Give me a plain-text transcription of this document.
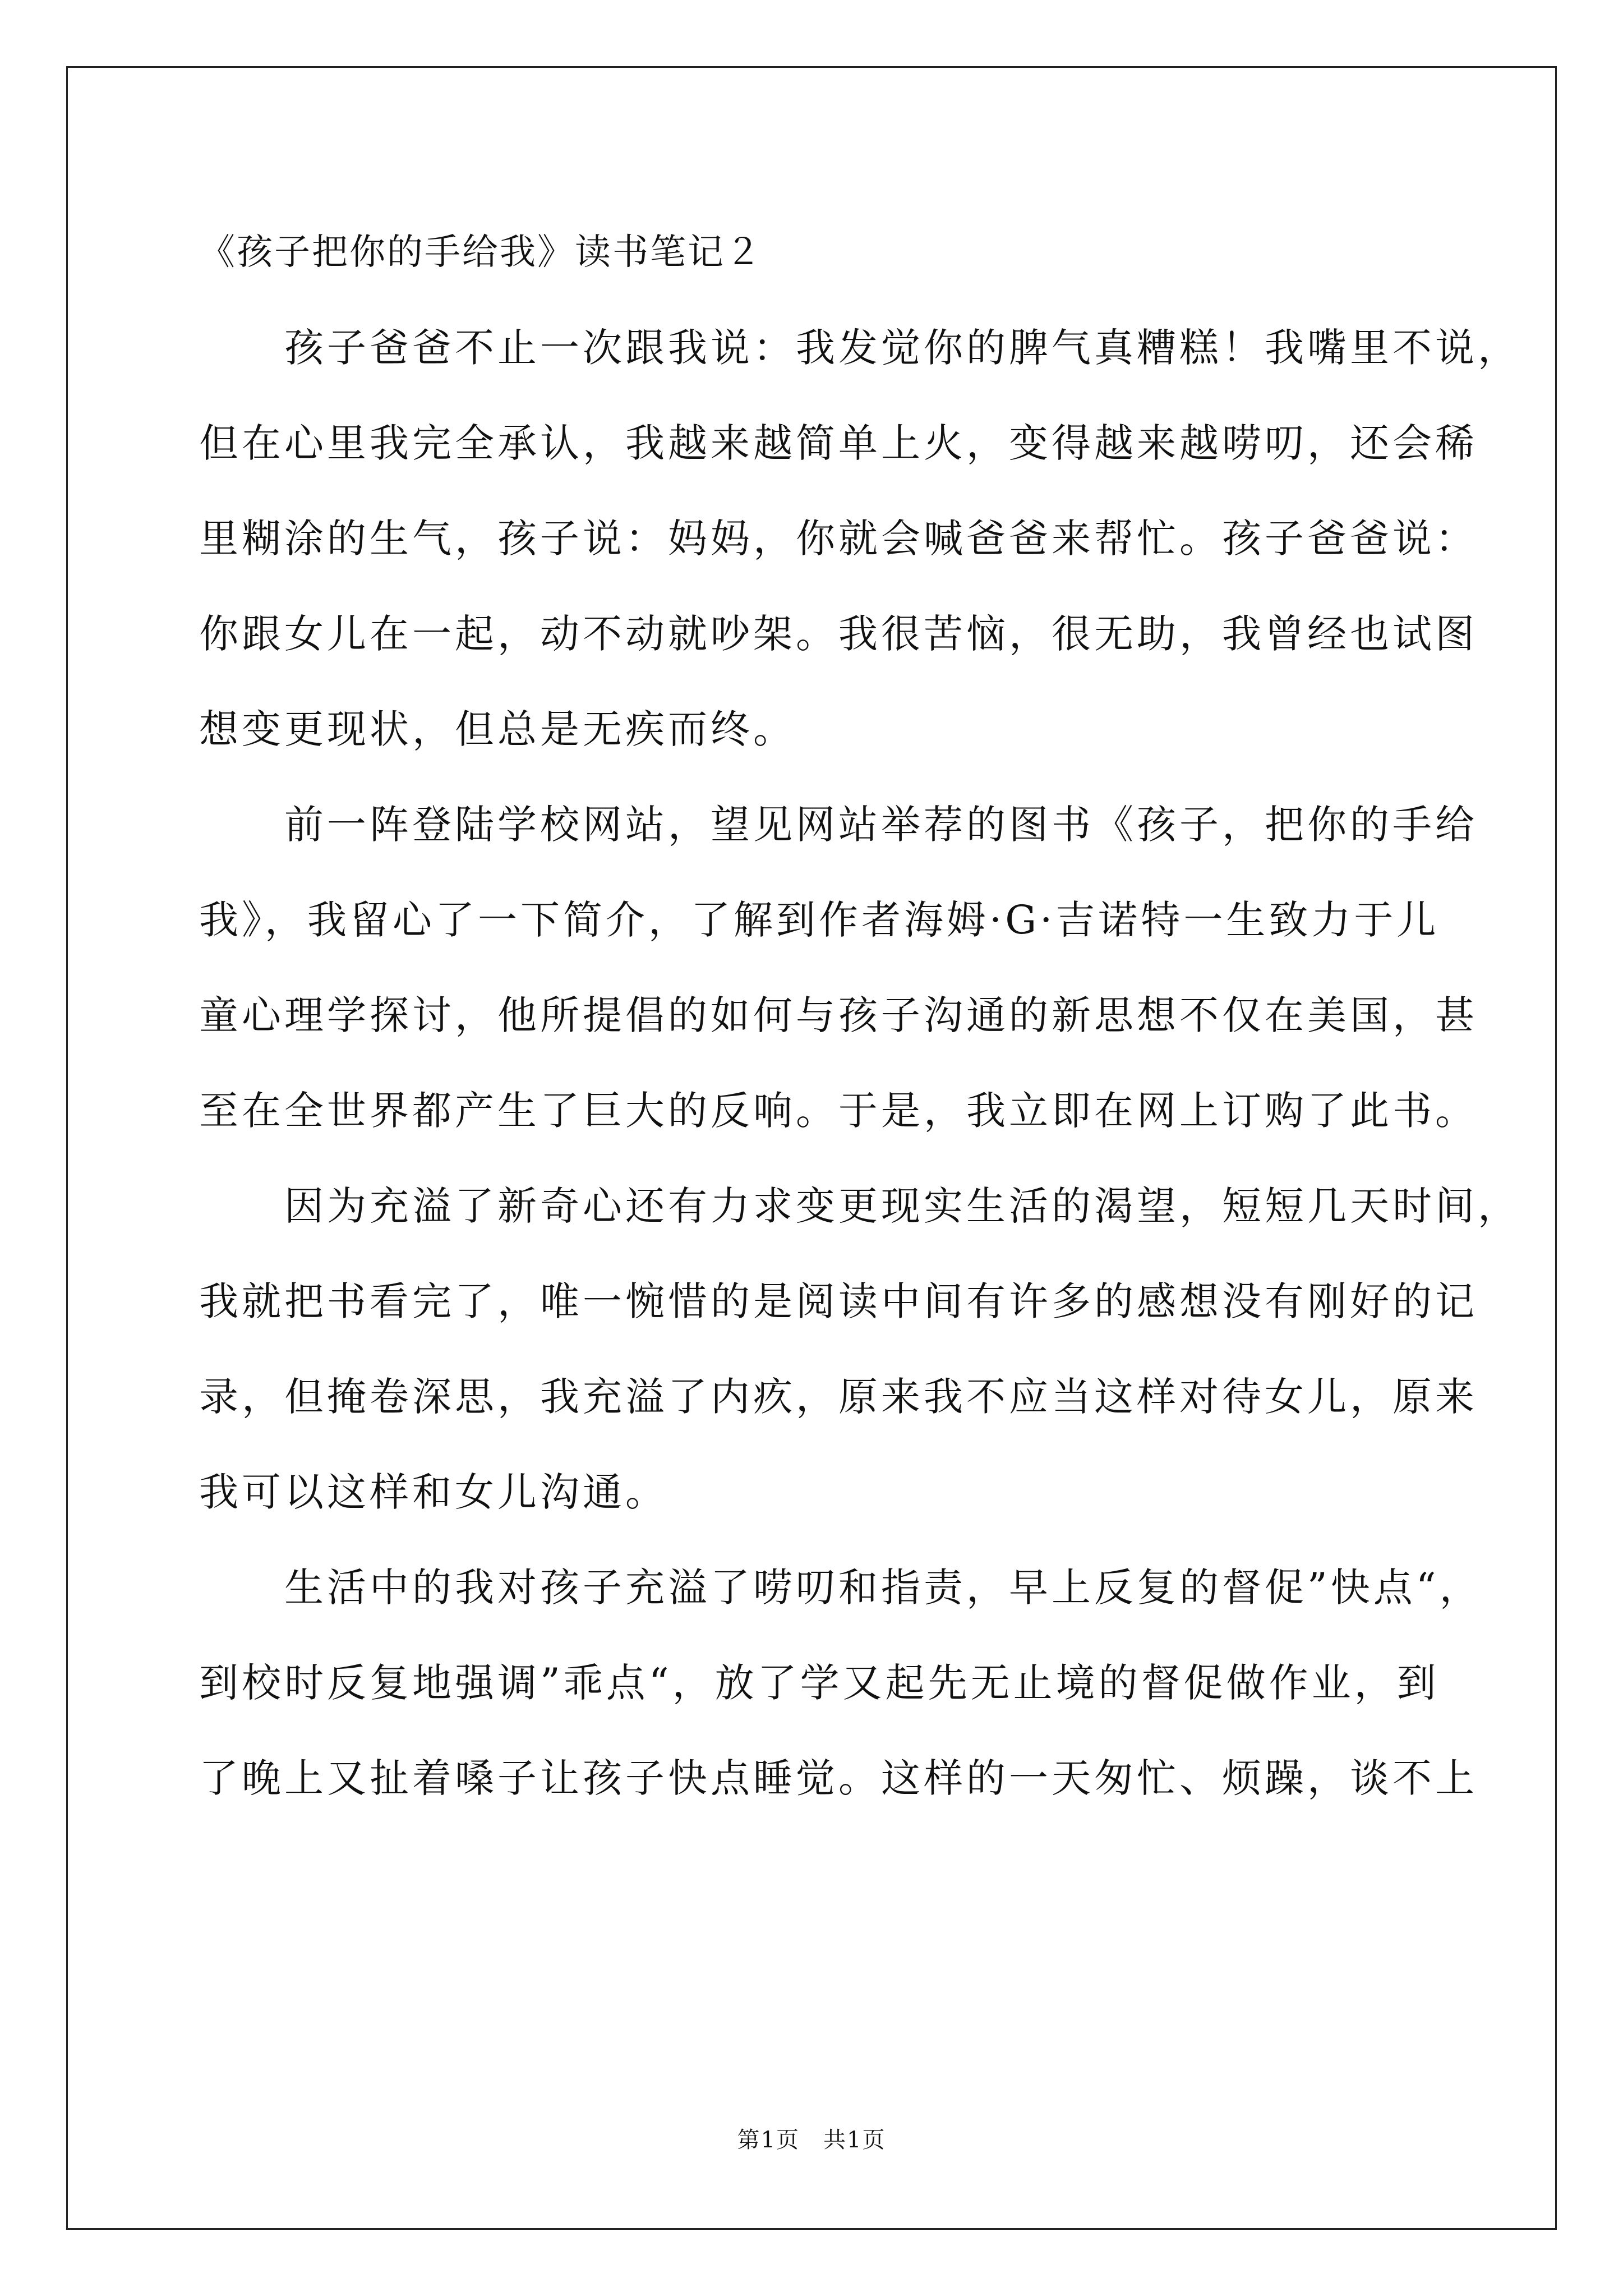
《孩子把你的手给我》读书笔记２

　　孩子爸爸不止一次跟我说：我发觉你的脾气真糟糕！我嘴里不说，

但在心里我完全承认，我越来越简单上火，变得越来越唠叨，还会稀

里糊涂的生气，孩子说：妈妈，你就会喊爸爸来帮忙。孩子爸爸说：

你跟女儿在一起，动不动就吵架。我很苦恼，很无助，我曾经也试图

想变更现状，但总是无疾而终。

　　前一阵登陆学校网站，望见网站举荐的图书《孩子，把你的手给

我》，我留心了一下简介，了解到作者海姆·G·吉诺特一生致力于儿

童心理学探讨，他所提倡的如何与孩子沟通的新思想不仅在美国，甚

至在全世界都产生了巨大的反响。于是，我立即在网上订购了此书。

　　因为充溢了新奇心还有力求变更现实生活的渴望，短短几天时间，

我就把书看完了，唯一惋惜的是阅读中间有许多的感想没有刚好的记

录，但掩卷深思，我充溢了内疚，原来我不应当这样对待女儿，原来

我可以这样和女儿沟通。

　　生活中的我对孩子充溢了唠叨和指责，早上反复的督促”快点“，

到校时反复地强调”乖点“，放了学又起先无止境的督促做作业，到

了晚上又扯着嗓子让孩子快点睡觉。这样的一天匆忙、烦躁，谈不上

第1页　共1页
